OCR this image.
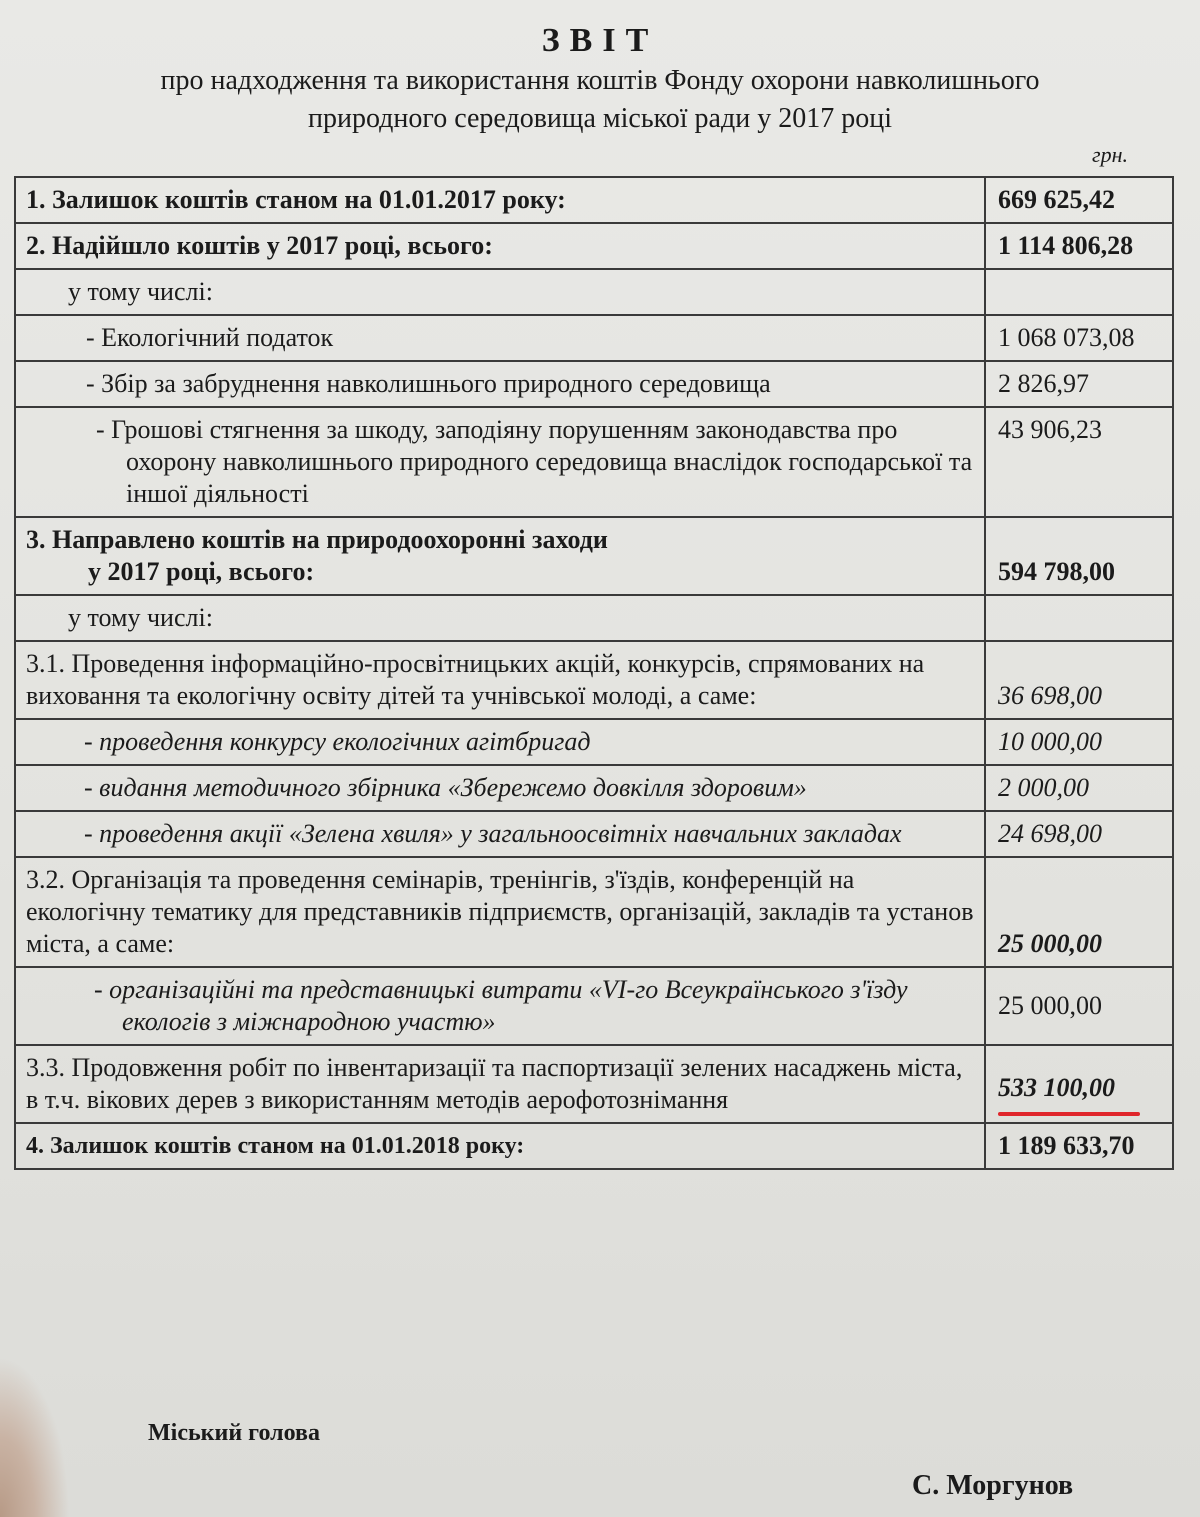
ЗВІТ
про надходження та використання коштів Фонду охорони навколишнього
природного середовища міської ради у 2017 році
грн.
1. Залишок коштів станом на 01.01.2017 року:	669 625,42
2. Надійшло коштів у 2017 році, всього:	1 114 806,28
у тому числі:	

- Екологічний податок	1 068 073,08

- Збір за забруднення навколишнього природного середовища	2 826,97

- Грошові стягнення за шкоду, заподіяну порушенням законодавства про охорону навколишнього природного середовища внаслідок господарської та іншої діяльності	43 906,23

3. Направлено коштів на природоохоронні заходи
у 2017 році, всього:	594 798,00
у тому числі:	
3.1. Проведення інформаційно-просвітницьких акцій, конкурсів, спрямованих на виховання та екологічну освіту дітей та учнівської молоді, а саме:	36 698,00

- проведення конкурсу екологічних агітбригад	10 000,00

- видання методичного збірника «Збережемо довкілля здоровим»	2 000,00

- проведення акції «Зелена хвиля» у загальноосвітніх навчальних закладах	24 698,00
3.2. Організація та проведення семінарів, тренінгів, з'їздів, конференцій на екологічну тематику для представників підприємств, організацій, закладів та установ міста, а саме:	25 000,00

- організаційні та представницькі витрати «VI-го Всеукраїнського з'їзду екологів з міжнародною участю»	25 000,00
3.3. Продовження робіт по інвентаризації та паспортизації зелених насаджень міста, в т.ч. вікових дерев з використанням методів аерофотознімання	533 100,00

4. Залишок коштів станом на 01.01.2018 року:	1 189 633,70
Міський голова
С. Моргунов
